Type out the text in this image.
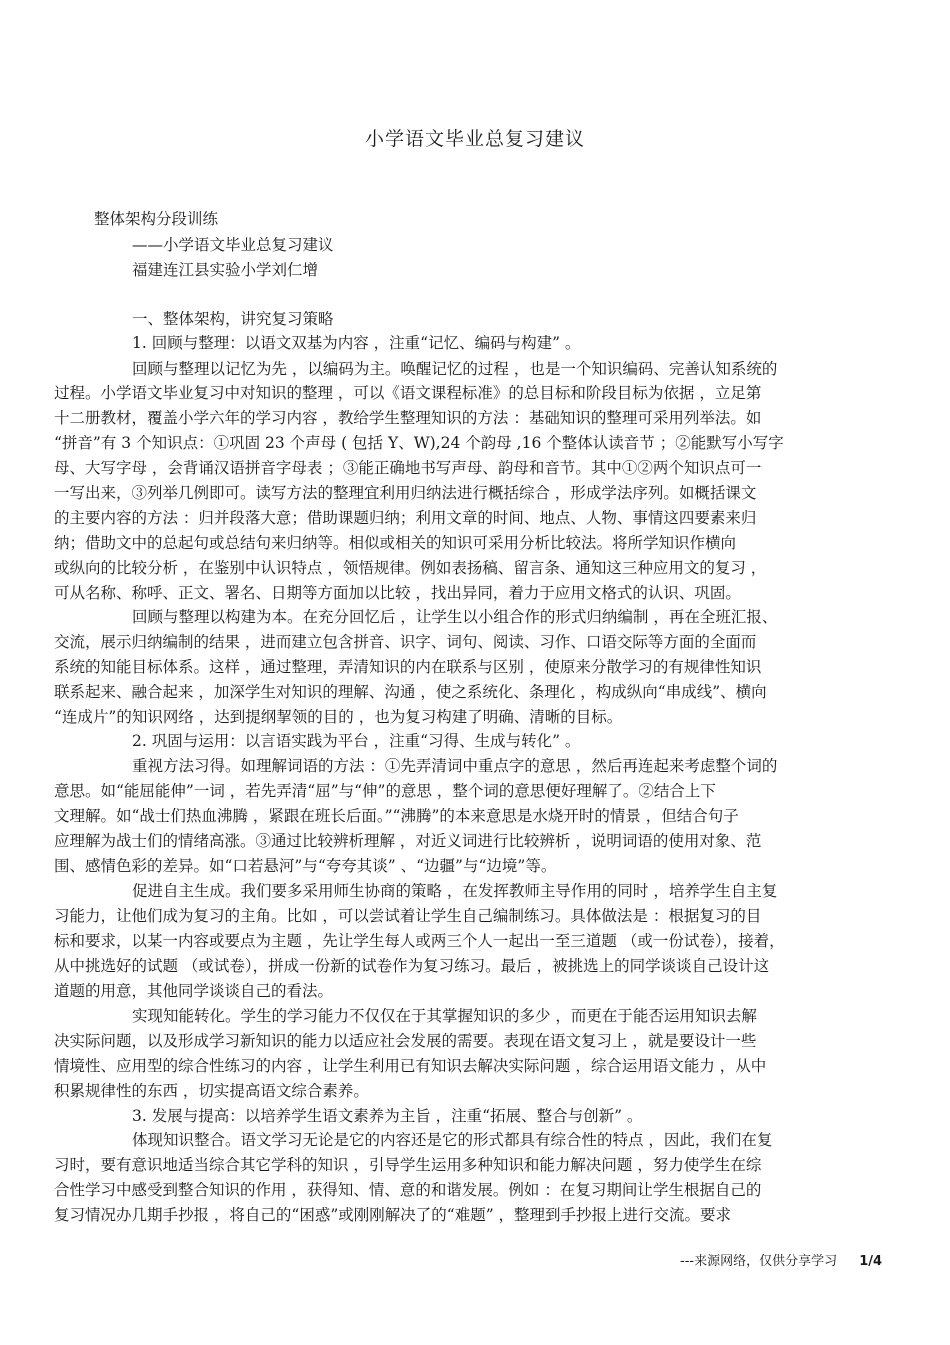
小学语文毕业总复习建议
整体架构分段训练
——小学语文毕业总复习建议
福建连江县实验小学刘仁增
一、整体架构，讲究复习策略
1. 回顾与整理：以语文双基为内容 ，注重“记忆、编码与构建” 。
回顾与整理以记忆为先 ，以编码为主。唤醒记忆的过程 ，也是一个知识编码、完善认知系统的
过程。小学语文毕业复习中对知识的整理 ，可以《语文课程标准》的总目标和阶段目标为依据 ，立足第
十二册教材，覆盖小学六年的学习内容 ，教给学生整理知识的方法 ：基础知识的整理可采用列举法。如
“拼音”有 3 个知识点：①巩固 23 个声母 ( 包括 Y、W),24 个韵母 ,16 个整体认读音节 ；②能默写小写字
母、大写字母 ，会背诵汉语拼音字母表 ；③能正确地书写声母、韵母和音节。其中①②两个知识点可一
一写出来，③列举几例即可。读写方法的整理宜利用归纳法进行概括综合 ，形成学法序列。如概括课文
的主要内容的方法 ：归并段落大意；借助课题归纳；利用文章的时间、地点、人物、事情这四要素来归
纳；借助文中的总起句或总结句来归纳等。相似或相关的知识可采用分析比较法。将所学知识作横向
或纵向的比较分析 ，在鉴别中认识特点 ，领悟规律。例如表扬稿、留言条、通知这三种应用文的复习 ，
可从名称、称呼、正文、署名、日期等方面加以比较 ，找出异同，着力于应用文格式的认识、巩固。
回顾与整理以构建为本。在充分回忆后 ，让学生以小组合作的形式归纳编制 ，再在全班汇报、
交流，展示归纳编制的结果 ，进而建立包含拼音、识字、词句、阅读、习作、口语交际等方面的全面而
系统的知能目标体系。这样 ，通过整理，弄清知识的内在联系与区别 ，使原来分散学习的有规律性知识
联系起来、融合起来 ，加深学生对知识的理解、沟通 ，使之系统化、条理化 ，构成纵向“串成线”、横向
“连成片”的知识网络 ，达到提纲挈领的目的 ，也为复习构建了明确、清晰的目标。
2. 巩固与运用：以言语实践为平台 ，注重“习得、生成与转化” 。
重视方法习得。如理解词语的方法 ：①先弄清词中重点字的意思 ，然后再连起来考虑整个词的
意思。如“能屈能伸”一词 ，若先弄清“屈”与“伸”的意思 ，整个词的意思便好理解了。②结合上下
文理解。如“战士们热血沸腾 ，紧跟在班长后面。”“沸腾”的本来意思是水烧开时的情景 ，但结合句子
应理解为战士们的情绪高涨。③通过比较辨析理解 ，对近义词进行比较辨析 ，说明词语的使用对象、范
围、感情色彩的差异。如“口若悬河”与“夸夸其谈” 、“边疆”与“边境”等。
促进自主生成。我们要多采用师生协商的策略 ，在发挥教师主导作用的同时 ，培养学生自主复
习能力，让他们成为复习的主角。比如 ，可以尝试着让学生自己编制练习。具体做法是 ：根据复习的目
标和要求，以某一内容或要点为主题 ，先让学生每人或两三个人一起出一至三道题 （或一份试卷），接着，
从中挑选好的试题 （或试卷），拼成一份新的试卷作为复习练习。最后 ，被挑选上的同学谈谈自己设计这
道题的用意，其他同学谈谈自己的看法。
实现知能转化。学生的学习能力不仅仅在于其掌握知识的多少 ，而更在于能否运用知识去解
决实际问题，以及形成学习新知识的能力以适应社会发展的需要。表现在语文复习上 ，就是要设计一些
情境性、应用型的综合性练习的内容 ，让学生利用已有知识去解决实际问题 ，综合运用语文能力 ，从中
积累规律性的东西 ，切实提高语文综合素养。
3. 发展与提高：以培养学生语文素养为主旨 ，注重“拓展、整合与创新” 。
体现知识整合。语文学习无论是它的内容还是它的形式都具有综合性的特点 ，因此，我们在复
习时，要有意识地适当综合其它学科的知识 ，引导学生运用多种知识和能力解决问题 ，努力使学生在综
合性学习中感受到整合知识的作用 ，获得知、情、意的和谐发展。例如 ：在复习期间让学生根据自己的
复习情况办几期手抄报 ，将自己的“困惑”或刚刚解决了的“难题” ，整理到手抄报上进行交流。要求
---来源网络，仅供分享学习 1/4
